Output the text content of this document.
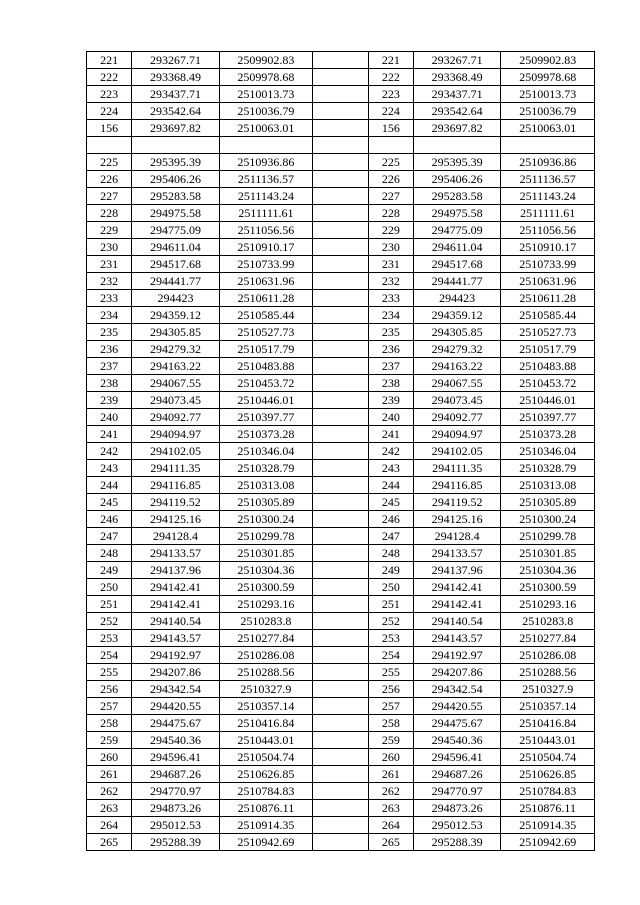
221	293267.71	2509902.83		221	293267.71	2509902.83
222	293368.49	2509978.68		222	293368.49	2509978.68
223	293437.71	2510013.73		223	293437.71	2510013.73
224	293542.64	2510036.79		224	293542.64	2510036.79
156	293697.82	2510063.01		156	293697.82	2510063.01

225	295395.39	2510936.86		225	295395.39	2510936.86
226	295406.26	2511136.57		226	295406.26	2511136.57
227	295283.58	2511143.24		227	295283.58	2511143.24
228	294975.58	2511111.61		228	294975.58	2511111.61
229	294775.09	2511056.56		229	294775.09	2511056.56
230	294611.04	2510910.17		230	294611.04	2510910.17
231	294517.68	2510733.99		231	294517.68	2510733.99
232	294441.77	2510631.96		232	294441.77	2510631.96
233	294423	2510611.28		233	294423	2510611.28
234	294359.12	2510585.44		234	294359.12	2510585.44
235	294305.85	2510527.73		235	294305.85	2510527.73
236	294279.32	2510517.79		236	294279.32	2510517.79
237	294163.22	2510483.88		237	294163.22	2510483.88
238	294067.55	2510453.72		238	294067.55	2510453.72
239	294073.45	2510446.01		239	294073.45	2510446.01
240	294092.77	2510397.77		240	294092.77	2510397.77
241	294094.97	2510373.28		241	294094.97	2510373.28
242	294102.05	2510346.04		242	294102.05	2510346.04
243	294111.35	2510328.79		243	294111.35	2510328.79
244	294116.85	2510313.08		244	294116.85	2510313.08
245	294119.52	2510305.89		245	294119.52	2510305.89
246	294125.16	2510300.24		246	294125.16	2510300.24
247	294128.4	2510299.78		247	294128.4	2510299.78
248	294133.57	2510301.85		248	294133.57	2510301.85
249	294137.96	2510304.36		249	294137.96	2510304.36
250	294142.41	2510300.59		250	294142.41	2510300.59
251	294142.41	2510293.16		251	294142.41	2510293.16
252	294140.54	2510283.8		252	294140.54	2510283.8
253	294143.57	2510277.84		253	294143.57	2510277.84
254	294192.97	2510286.08		254	294192.97	2510286.08
255	294207.86	2510288.56		255	294207.86	2510288.56
256	294342.54	2510327.9		256	294342.54	2510327.9
257	294420.55	2510357.14		257	294420.55	2510357.14
258	294475.67	2510416.84		258	294475.67	2510416.84
259	294540.36	2510443.01		259	294540.36	2510443.01
260	294596.41	2510504.74		260	294596.41	2510504.74
261	294687.26	2510626.85		261	294687.26	2510626.85
262	294770.97	2510784.83		262	294770.97	2510784.83
263	294873.26	2510876.11		263	294873.26	2510876.11
264	295012.53	2510914.35		264	295012.53	2510914.35
265	295288.39	2510942.69		265	295288.39	2510942.69
